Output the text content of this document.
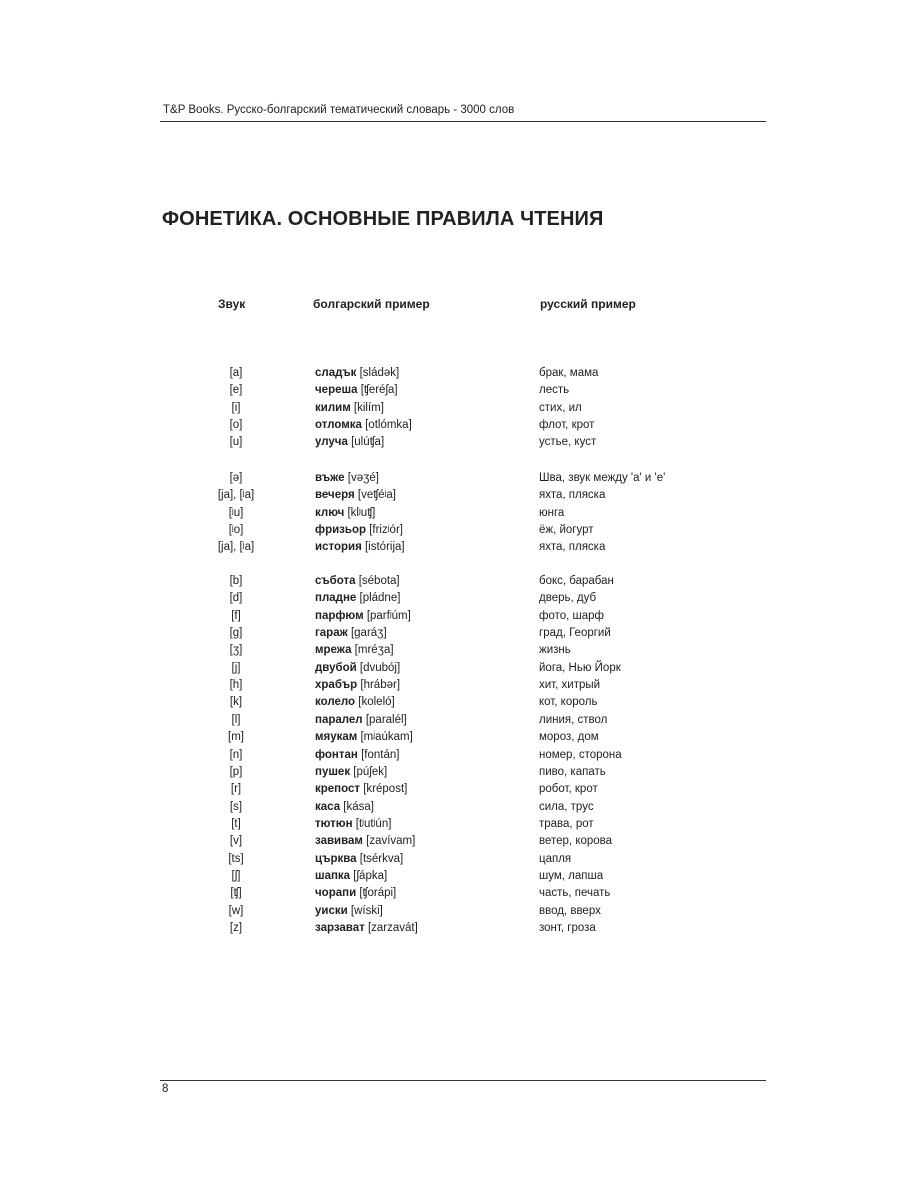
T&P Books. Русско-болгарский тематический словарь - 3000 слов
ФОНЕТИКА. ОСНОВНЫЕ ПРАВИЛА ЧТЕНИЯ
Звук	болгарский пример	русский пример
[a]	сладък [sládək]	брак, мама
[e]	череша [ʧeréʃa]	лесть
[i]	килим [kilím]	стих, ил
[o]	отломка [otlómka]	флот, крот
[u]	улуча [ulúʧa]	устье, куст
[ə]	въже [vəʒé]	Шва, звук между 'а' и 'е'
[ja], [ʲa]	вечеря [veʧéʲa]	яхта, пляска
[ʲu]	ключ [klʲuʧ]	юнга
[ʲo]	фризьор [frizʲór]	ёж, йогурт
[ja], [ʲa]	история [istórija]	яхта, пляска
[b]	събота [sébota]	бокс, барабан
[d]	пладне [pládne]	дверь, дуб
[f]	парфюм [parfʲúm]	фото, шарф
[g]	гараж [garáʒ]	град, Георгий
[ʒ]	мрежа [mréʒa]	жизнь
[j]	двубой [dvubój]	йога, Нью Йорк
[h]	храбър [hrábər]	хит, хитрый
[k]	колело [koleló]	кот, король
[l]	паралел [paralél]	линия, ствол
[m]	мяукам [mʲaúkam]	мороз, дом
[n]	фонтан [fontán]	номер, сторона
[p]	пушек [púʃek]	пиво, капать
[r]	крепост [krépost]	робот, крот
[s]	каса [kása]	сила, трус
[t]	тютюн [tʲutʲún]	трава, рот
[v]	завивам [zavívam]	ветер, корова
[ts]	църква [tsérkva]	цапля
[ʃ]	шапка [ʃápka]	шум, лапша
[ʧ]	чорапи [ʧorápi]	часть, печать
[w]	уиски [wíski]	ввод, вверх
[z]	зарзават [zarzavát]	зонт, гроза
8
